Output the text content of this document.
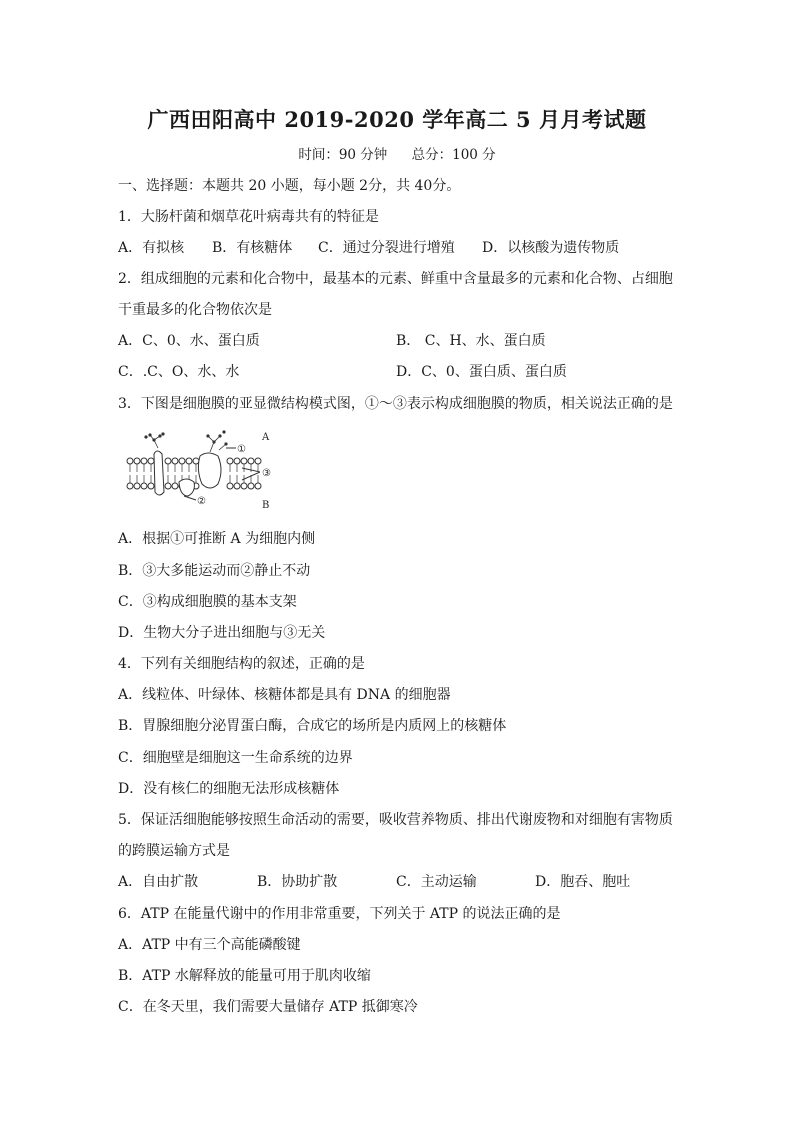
广西田阳高中 2019-2020 学年高二 5 月月考试题
时间：90 分钟 总分：100 分
一、选择题：本题共 20 小题，每小题 2分，共 40分。
1．大肠杆菌和烟草花叶病毒共有的特征是
A．有拟核 B．有核糖体 C．通过分裂进行增殖 D．以核酸为遗传物质
2．组成细胞的元素和化合物中，最基本的元素、鲜重中含量最多的元素和化合物、占细胞
干重最多的化合物依次是
A．C、0、水、蛋白质	B． C、H、水、蛋白质
C．.C、O、水、水	D．C、0、蛋白质、蛋白质
3．下图是细胞膜的亚显微结构模式图，①～③表示构成细胞膜的物质，相关说法正确的是
A
B
①
③
②
A．根据①可推断 A 为细胞内侧
B．③大多能运动而②静止不动
C．③构成细胞膜的基本支架
D．生物大分子进出细胞与③无关
4．下列有关细胞结构的叙述，正确的是
A．线粒体、叶绿体、核糖体都是具有 DNA 的细胞器
B．胃腺细胞分泌胃蛋白酶，合成它的场所是内质网上的核糖体
C．细胞壁是细胞这一生命系统的边界
D．没有核仁的细胞无法形成核糖体
5．保证活细胞能够按照生命活动的需要，吸收营养物质、排出代谢废物和对细胞有害物质
的跨膜运输方式是
A．自由扩散	B．协助扩散	C．主动运输	D．胞吞、胞吐
6．ATP 在能量代谢中的作用非常重要，下列关于 ATP 的说法正确的是
A．ATP 中有三个高能磷酸键
B．ATP 水解释放的能量可用于肌肉收缩
C．在冬天里，我们需要大量储存 ATP 抵御寒冷
